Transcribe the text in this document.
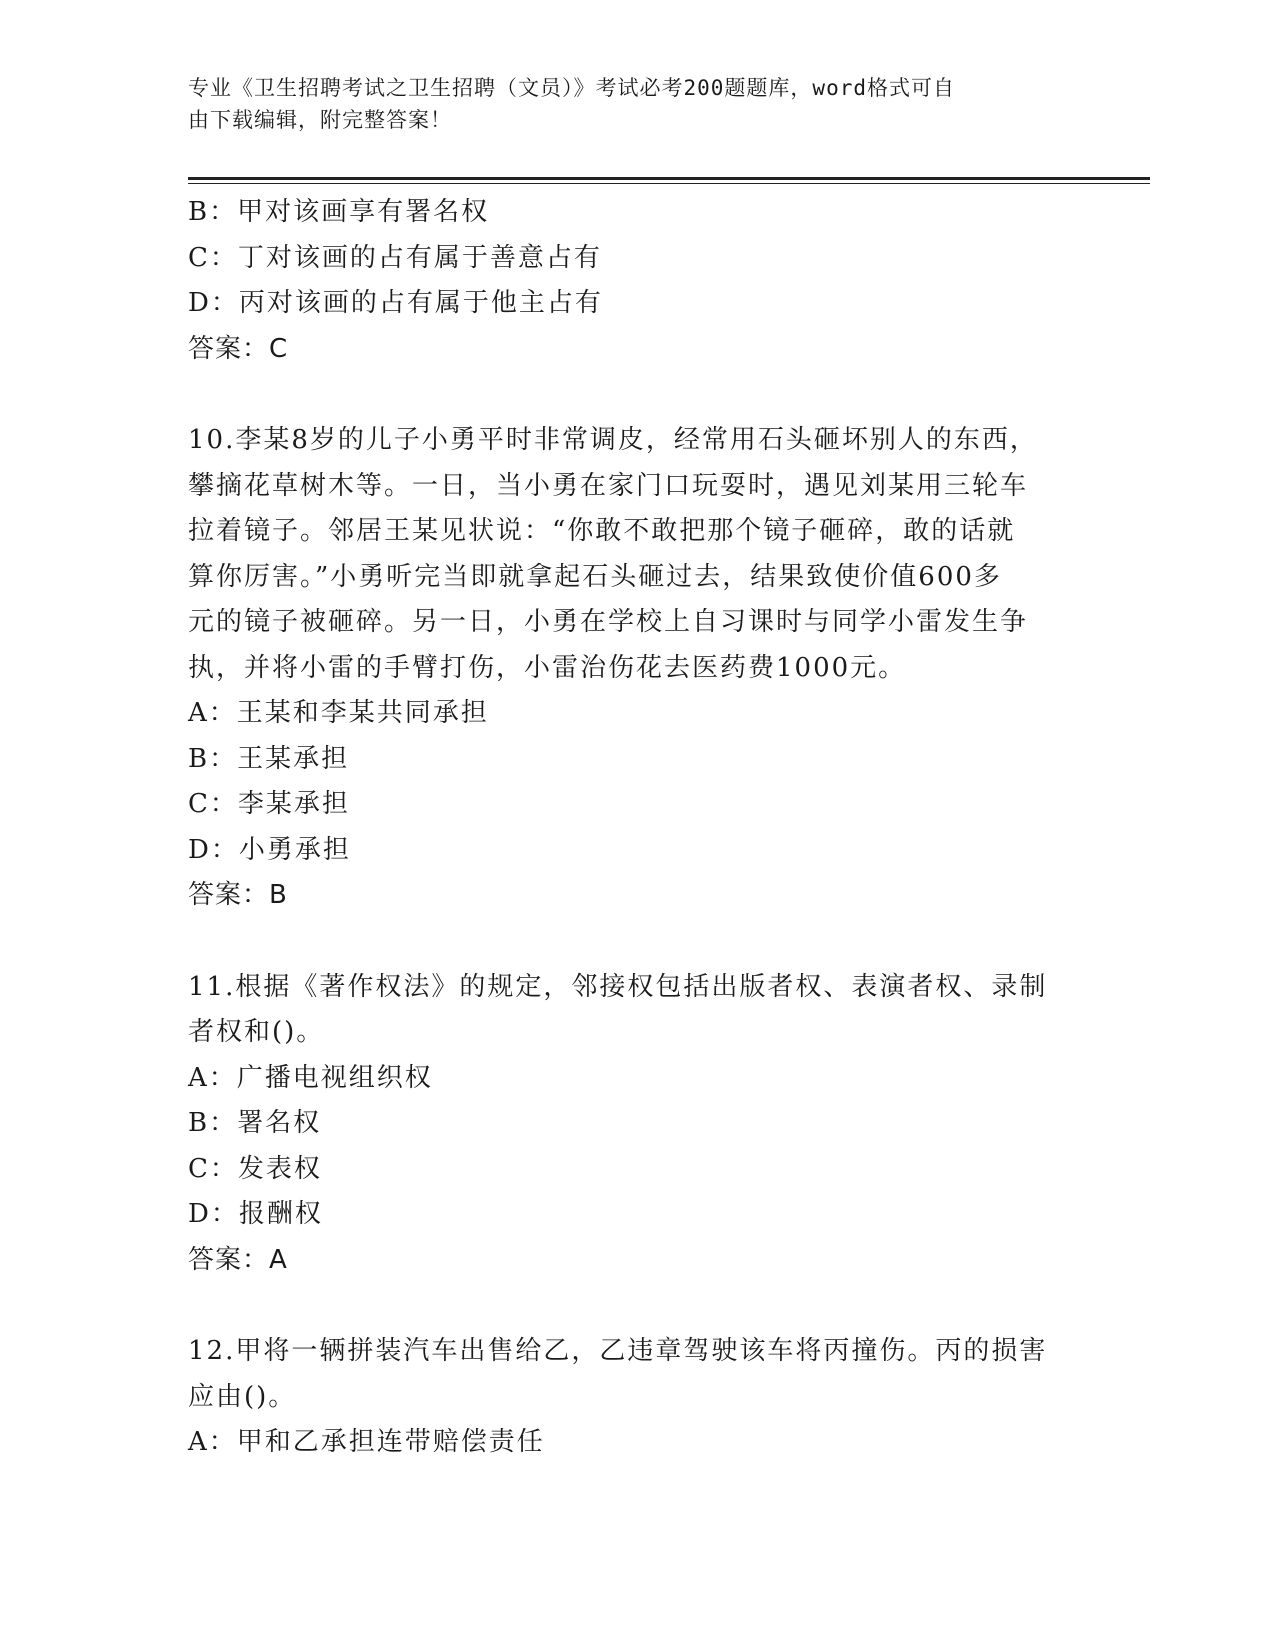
专业《卫生招聘考试之卫生招聘（文员）》考试必考200题题库，word格式可自
由下载编辑，附完整答案！
B：甲对该画享有署名权
C：丁对该画的占有属于善意占有
D：丙对该画的占有属于他主占有
答案：C
10.李某8岁的儿子小勇平时非常调皮，经常用石头砸坏别人的东西，
攀摘花草树木等。一日，当小勇在家门口玩耍时，遇见刘某用三轮车
拉着镜子。邻居王某见状说：“你敢不敢把那个镜子砸碎，敢的话就
算你厉害。”小勇听完当即就拿起石头砸过去，结果致使价值600多
元的镜子被砸碎。另一日，小勇在学校上自习课时与同学小雷发生争
执，并将小雷的手臂打伤，小雷治伤花去医药费1000元。
A：王某和李某共同承担
B：王某承担
C：李某承担
D：小勇承担
答案：B
11.根据《著作权法》的规定，邻接权包括出版者权、表演者权、录制
者权和()。
A：广播电视组织权
B：署名权
C：发表权
D：报酬权
答案：A
12.甲将一辆拼装汽车出售给乙，乙违章驾驶该车将丙撞伤。丙的损害
应由()。
A：甲和乙承担连带赔偿责任
